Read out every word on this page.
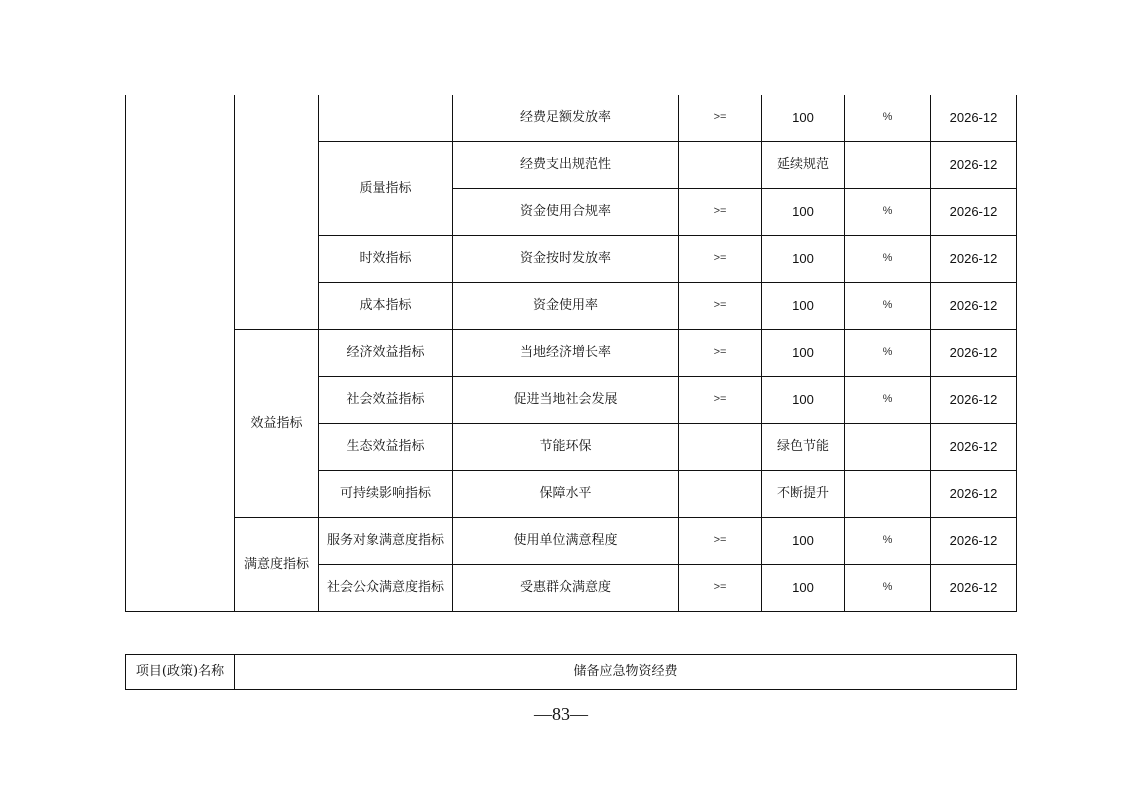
			经费足额发放率	>=	100	%	2026-12
		质量指标	经费支出规范性		延续规范		2026-12
			资金使用合规率	>=	100	%	2026-12
		时效指标	资金按时发放率	>=	100	%	2026-12
		成本指标	资金使用率	>=	100	%	2026-12
	效益指标	经济效益指标	当地经济增长率	>=	100	%	2026-12
		社会效益指标	促进当地社会发展	>=	100	%	2026-12
		生态效益指标	节能环保		绿色节能		2026-12
		可持续影响指标	保障水平		不断提升		2026-12
	满意度指标	服务对象满意度指标	使用单位满意程度	>=	100	%	2026-12
		社会公众满意度指标	受惠群众满意度	>=	100	%	2026-12
项目(政策)名称	储备应急物资经费
—83—
